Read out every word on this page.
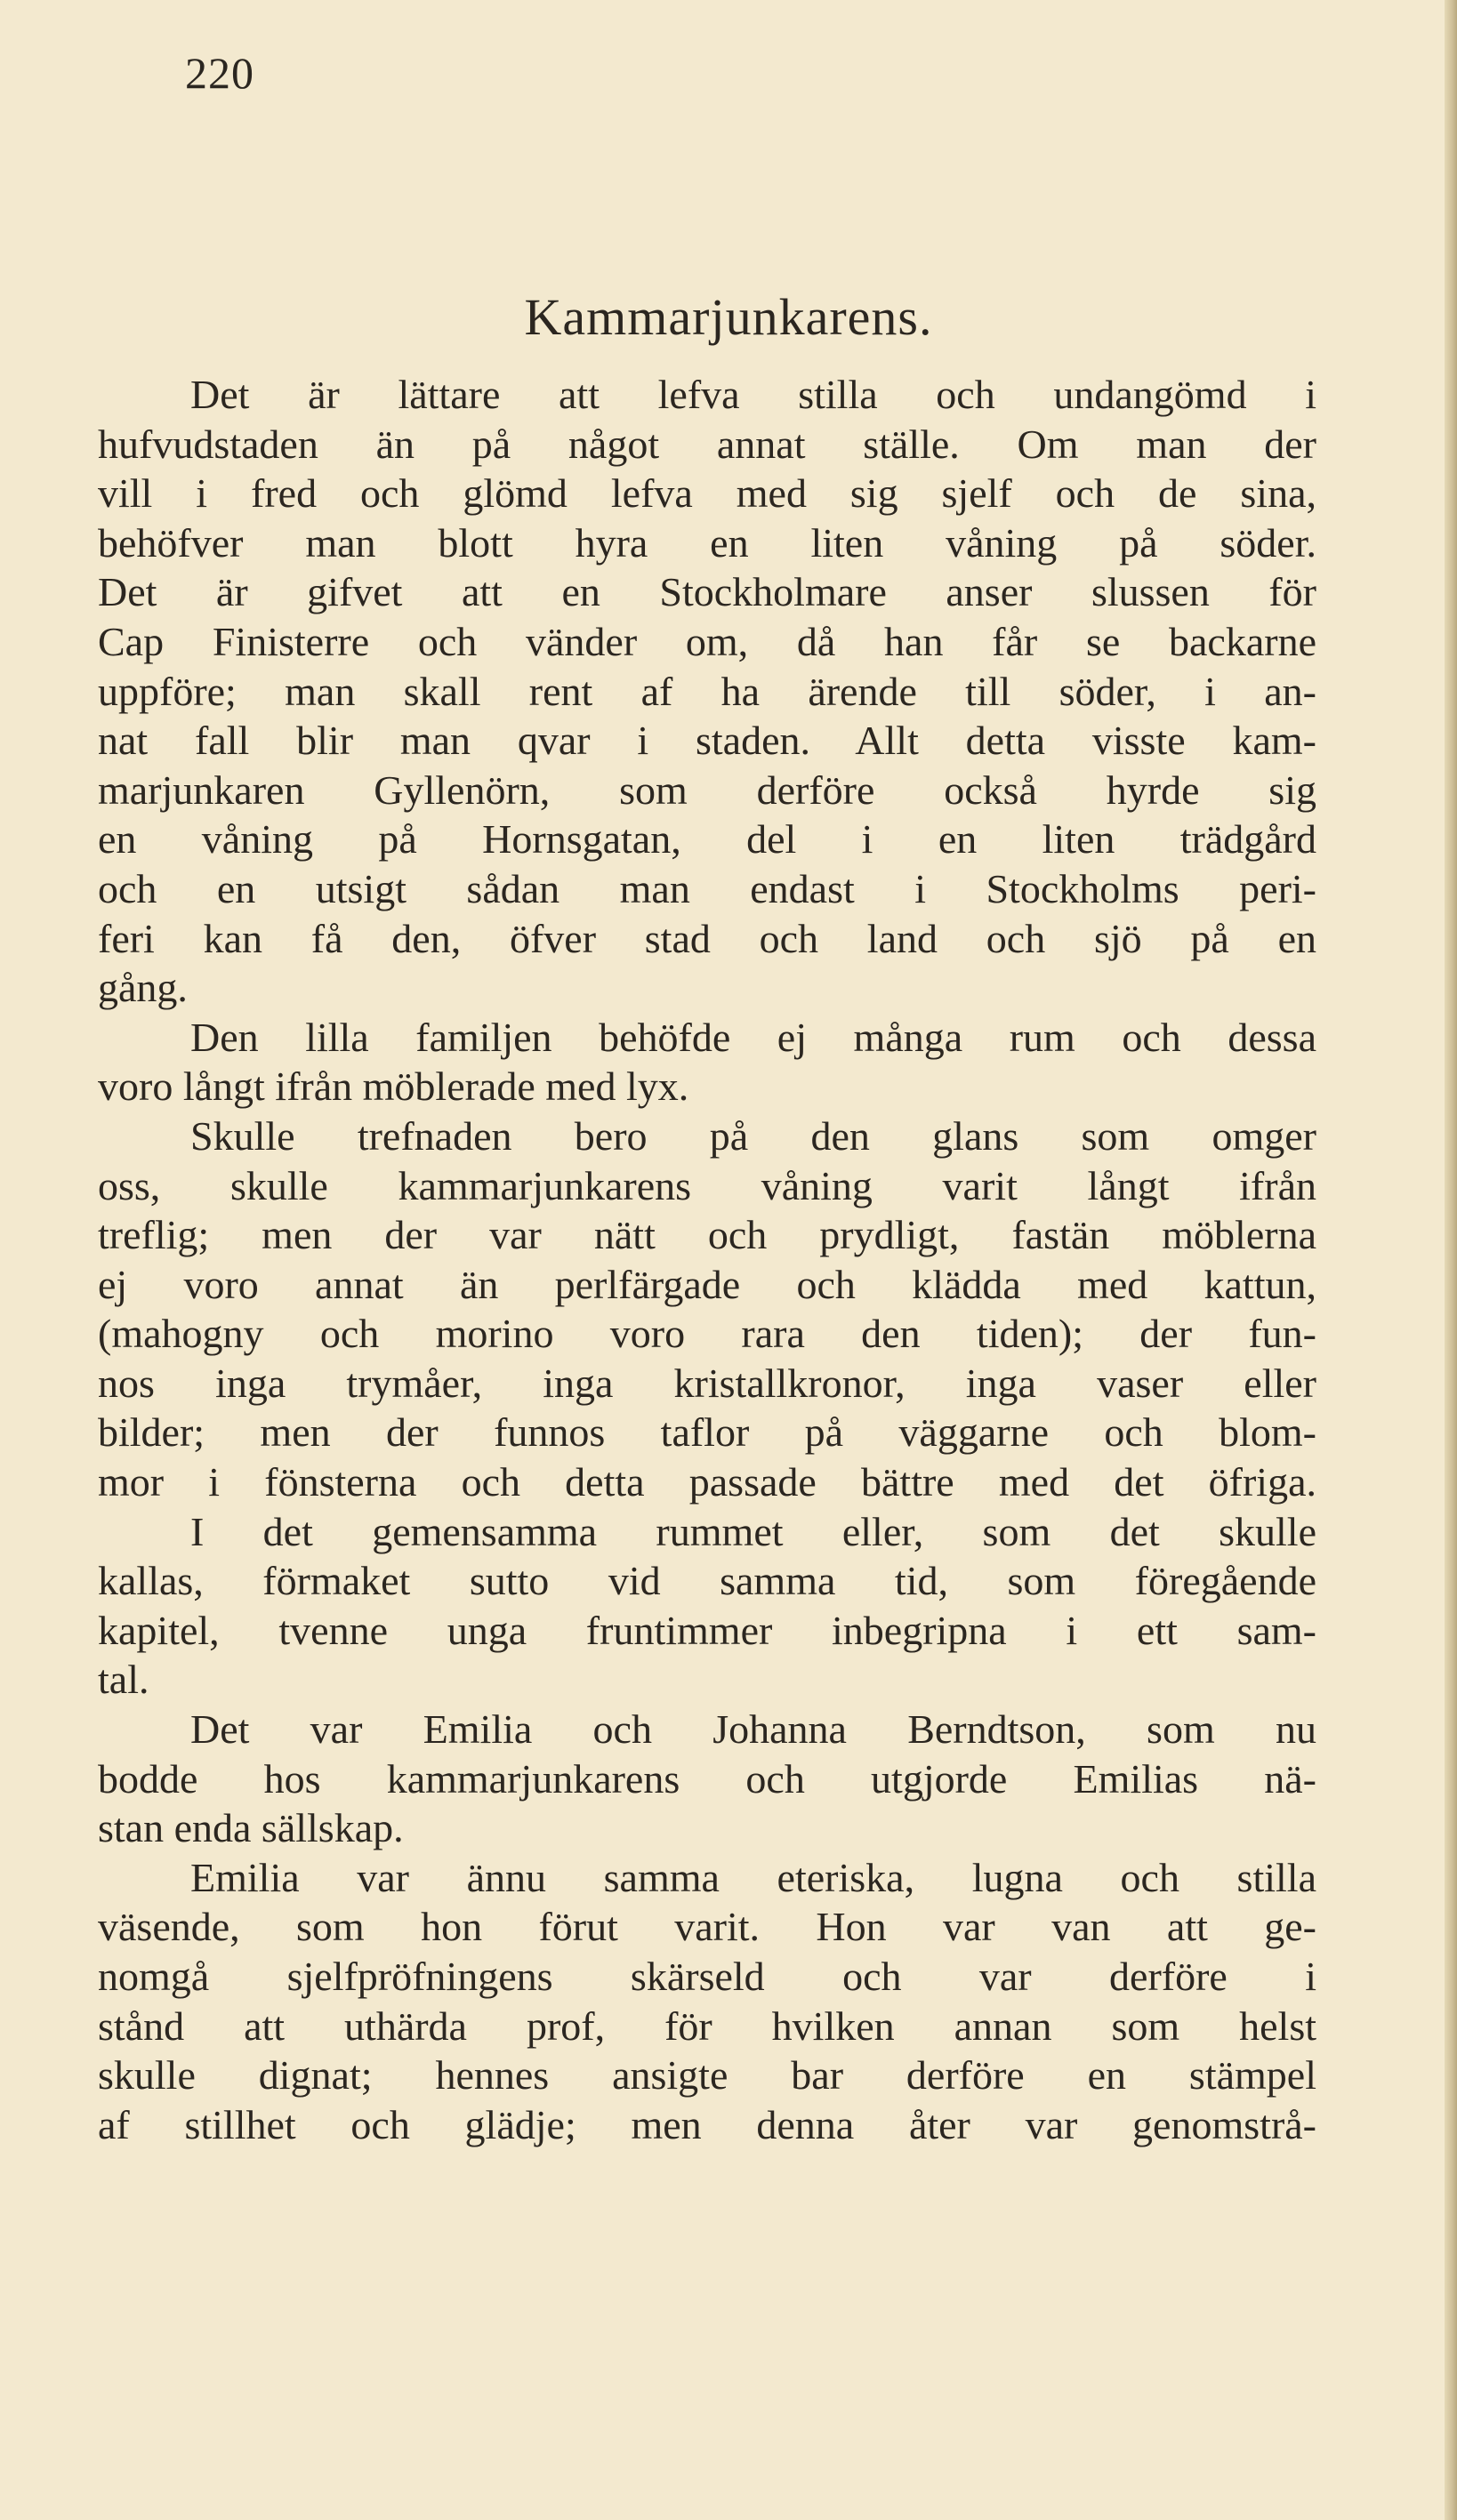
220
Kammarjunkarens.
Det är lättare att lefva stilla och undangömd i
hufvudstaden än på något annat ställe. Om man der
vill i fred och glömd lefva med sig sjelf och de sina,
behöfver man blott hyra en liten våning på söder.
Det är gifvet att en Stockholmare anser slussen för
Cap Finisterre och vänder om, då han får se backarne
uppföre; man skall rent af ha ärende till söder, i an-
nat fall blir man qvar i staden. Allt detta visste kam-
marjunkaren Gyllenörn, som derföre också hyrde sig
en våning på Hornsgatan, del i en liten trädgård
och en utsigt sådan man endast i Stockholms peri-
feri kan få den, öfver stad och land och sjö på en
gång.
Den lilla familjen behöfde ej många rum och dessa
voro långt ifrån möblerade med lyx.
Skulle trefnaden bero på den glans som omger
oss, skulle kammarjunkarens våning varit långt ifrån
treflig; men der var nätt och prydligt, fastän möblerna
ej voro annat än perlfärgade och klädda med kattun,
(mahogny och morino voro rara den tiden); der fun-
nos inga trymåer, inga kristallkronor, inga vaser eller
bilder; men der funnos taflor på väggarne och blom-
mor i fönsterna och detta passade bättre med det öfriga.
I det gemensamma rummet eller, som det skulle
kallas, förmaket sutto vid samma tid, som föregående
kapitel, tvenne unga fruntimmer inbegripna i ett sam-
tal.
Det var Emilia och Johanna Berndtson, som nu
bodde hos kammarjunkarens och utgjorde Emilias nä-
stan enda sällskap.
Emilia var ännu samma eteriska, lugna och stilla
väsende, som hon förut varit. Hon var van att ge-
nomgå sjelfpröfningens skärseld och var derföre i
stånd att uthärda prof, för hvilken annan som helst
skulle dignat; hennes ansigte bar derföre en stämpel
af stillhet och glädje; men denna åter var genomstrå-
